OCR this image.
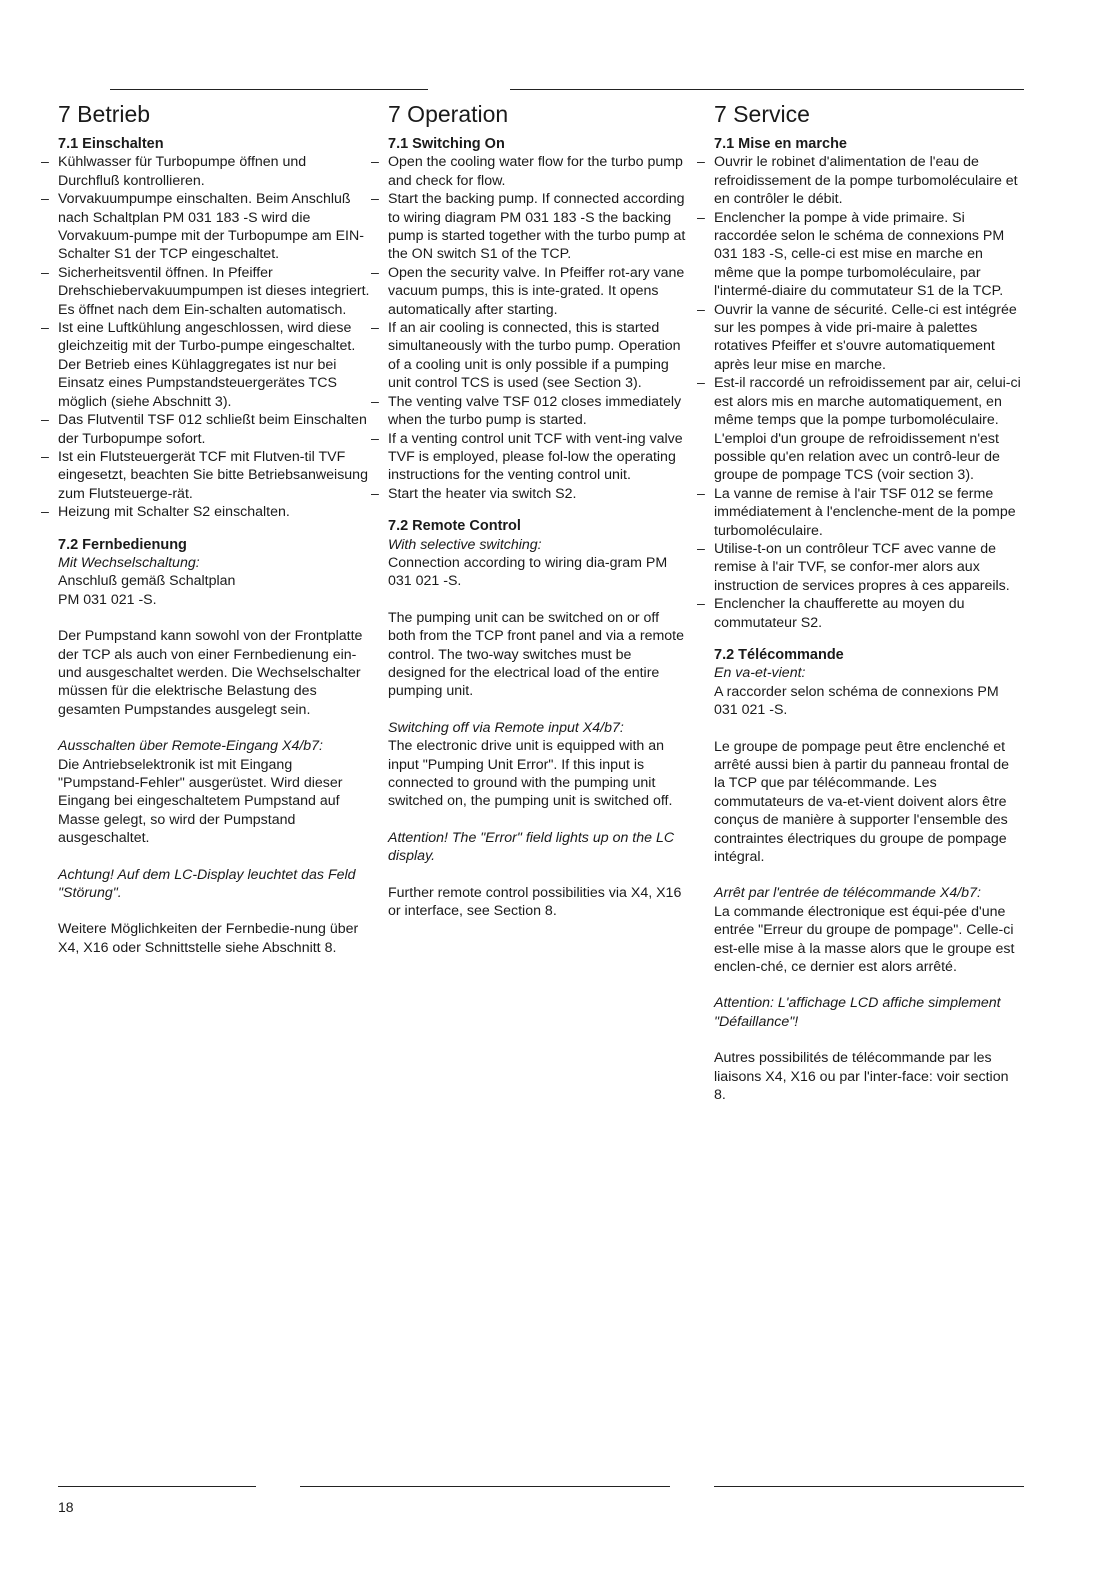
7 Betrieb
7.1 Einschalten
– Kühlwasser für Turbopumpe öffnen und Durchfluß kontrollieren.
– Vorvakuumpumpe einschalten. Beim Anschluß nach Schaltplan PM 031 183 -S wird die Vorvakuum-pumpe mit der Turbopumpe am EIN-Schalter S1 der TCP eingeschaltet.
– Sicherheitsventil öffnen. In Pfeiffer Drehschiebervakuumpumpen ist dieses integriert. Es öffnet nach dem Ein-schalten automatisch.
– Ist eine Luftkühlung angeschlossen, wird diese gleichzeitig mit der Turbo-pumpe eingeschaltet. Der Betrieb eines Kühlaggregates ist nur bei Einsatz eines Pumpstandsteuergerätes TCS möglich (siehe Abschnitt 3).
– Das Flutventil TSF 012 schließt beim Einschalten der Turbopumpe sofort.
– Ist ein Flutsteuergerät TCF mit Flutven-til TVF eingesetzt, beachten Sie bitte Betriebsanweisung zum Flutsteuerge-rät.
– Heizung mit Schalter S2 einschalten.
7.2 Fernbedienung
Mit Wechselschaltung:
Anschluß gemäß Schaltplan
PM 031 021 -S.
Der Pumpstand kann sowohl von der Frontplatte der TCP als auch von einer Fernbedienung ein- und ausgeschaltet werden. Die Wechselschalter müssen für die elektrische Belastung des gesamten Pumpstandes ausgelegt sein.
Ausschalten über Remote-Eingang X4/b7:
Die Antriebselektronik ist mit Eingang "Pumpstand-Fehler" ausgerüstet. Wird dieser Eingang bei eingeschaltetem Pumpstand auf Masse gelegt, so wird der Pumpstand ausgeschaltet.
Achtung! Auf dem LC-Display leuchtet das Feld "Störung".
Weitere Möglichkeiten der Fernbedie-nung über X4, X16 oder Schnittstelle siehe Abschnitt 8.
7 Operation
7.1 Switching On
– Open the cooling water flow for the turbo pump and check for flow.
– Start the backing pump. If connected according to wiring diagram PM 031 183 -S the backing pump is started together with the turbo pump at the ON switch S1 of the TCP.
– Open the security valve. In Pfeiffer rot-ary vane vacuum pumps, this is inte-grated. It opens automatically after starting.
– If an air cooling is connected, this is started simultaneously with the turbo pump. Operation of a cooling unit is only possible if a pumping unit control TCS is used (see Section 3).
– The venting valve TSF 012 closes immediately when the turbo pump is started.
– If a venting control unit TCF with vent-ing valve TVF is employed, please fol-low the operating instructions for the venting control unit.
– Start the heater via switch S2.
7.2 Remote Control
With selective switching:
Connection according to wiring dia-gram PM 031 021 -S.
The pumping unit can be switched on or off both from the TCP front panel and via a remote control. The two-way switches must be designed for the electrical load of the entire pumping unit.
Switching off via Remote input X4/b7:
The electronic drive unit is equipped with an input "Pumping Unit Error". If this input is connected to ground with the pumping unit switched on, the pumping unit is switched off.
Attention! The "Error" field lights up on the LC display.
Further remote control possibilities via X4, X16 or interface, see Section 8.
7 Service
7.1 Mise en marche
– Ouvrir le robinet d'alimentation de l'eau de refroidissement de la pompe turbomoléculaire et en contrôler le débit.
– Enclencher la pompe à vide primaire. Si raccordée selon le schéma de connexions PM 031 183 -S, celle-ci est mise en marche en même que la pompe turbomoléculaire, par l'intermé-diaire du commutateur S1 de la TCP.
– Ouvrir la vanne de sécurité. Celle-ci est intégrée sur les pompes à vide pri-maire à palettes rotatives Pfeiffer et s'ouvre automatiquement après leur mise en marche.
– Est-il raccordé un refroidissement par air, celui-ci est alors mis en marche automatiquement, en même temps que la pompe turbomoléculaire. L'emploi d'un groupe de refroidissement n'est possible qu'en relation avec un contrô-leur de groupe de pompage TCS (voir section 3).
– La vanne de remise à l'air TSF 012 se ferme immédiatement à l'enclenche-ment de la pompe turbomoléculaire.
– Utilise-t-on un contrôleur TCF avec vanne de remise à l'air TVF, se confor-mer alors aux instruction de services propres à ces appareils.
– Enclencher la chaufferette au moyen du commutateur S2.
7.2 Télécommande
En va-et-vient:
A raccorder selon schéma de connexions PM 031 021 -S.
Le groupe de pompage peut être enclenché et arrêté aussi bien à partir du panneau frontal de la TCP que par télécommande. Les commutateurs de va-et-vient doivent alors être conçus de manière à supporter l'ensemble des contraintes électriques du groupe de pompage intégral.
Arrêt par l'entrée de télécommande X4/b7:
La commande électronique est équi-pée d'une entrée "Erreur du groupe de pompage". Celle-ci est-elle mise à la masse alors que le groupe est enclen-ché, ce dernier est alors arrêté.
Attention: L'affichage LCD affiche simplement "Défaillance"!
Autres possibilités de télécommande par les liaisons X4, X16 ou par l'inter-face: voir section 8.
18
